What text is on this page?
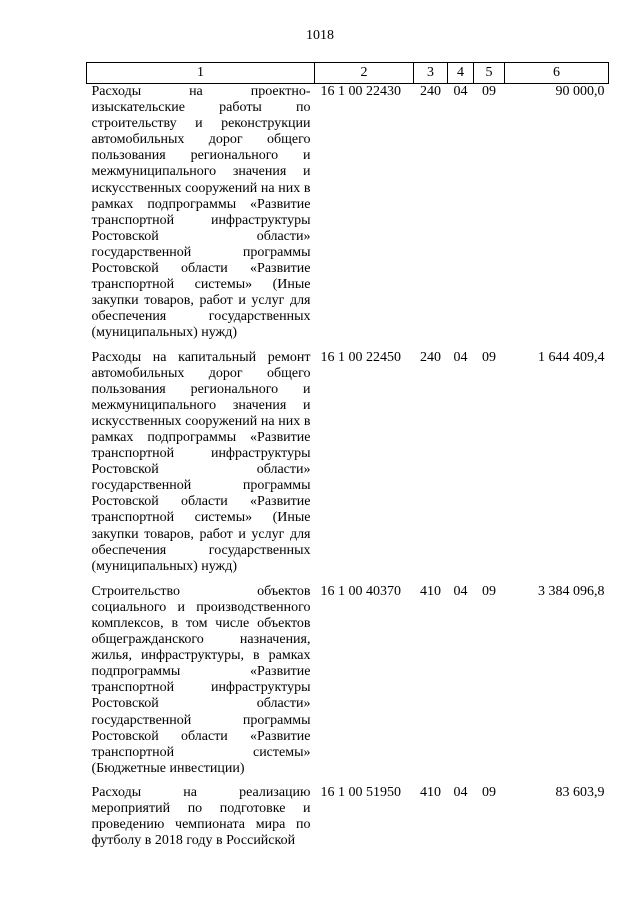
1018
1	2	3	4	5	6
Расходы на проектно-изыскательские работы по строительству и реконструкции автомобильных дорог общего пользования регионального и межмуниципального значения и искусственных сооружений на них в рамках подпрограммы «Развитие транспортной инфраструктуры Ростовской области» государственной программы Ростовской области «Развитие транспортной системы» (Иные закупки товаров, работ и услуг для обеспечения государственных (муниципальных) нужд)	16 1 00 22430	240	04	09	90 000,0
Расходы на капитальный ремонт автомобильных дорог общего пользования регионального и межмуниципального значения и искусственных сооружений на них в рамках подпрограммы «Развитие транспортной инфраструктуры Ростовской области» государственной программы Ростовской области «Развитие транспортной системы» (Иные закупки товаров, работ и услуг для обеспечения государственных (муниципальных) нужд)	16 1 00 22450	240	04	09	1 644 409,4
Строительство объектов социального и производственного комплексов, в том числе объектов общегражданского назначения, жилья, инфраструктуры, в рамках подпрограммы «Развитие транспортной инфраструктуры Ростовской области» государственной программы Ростовской области «Развитие транспортной системы» (Бюджетные инвестиции)	16 1 00 40370	410	04	09	3 384 096,8
Расходы на реализацию мероприятий по подготовке и проведению чемпионата мира по футболу в 2018 году в Российской	16 1 00 51950	410	04	09	83 603,9
